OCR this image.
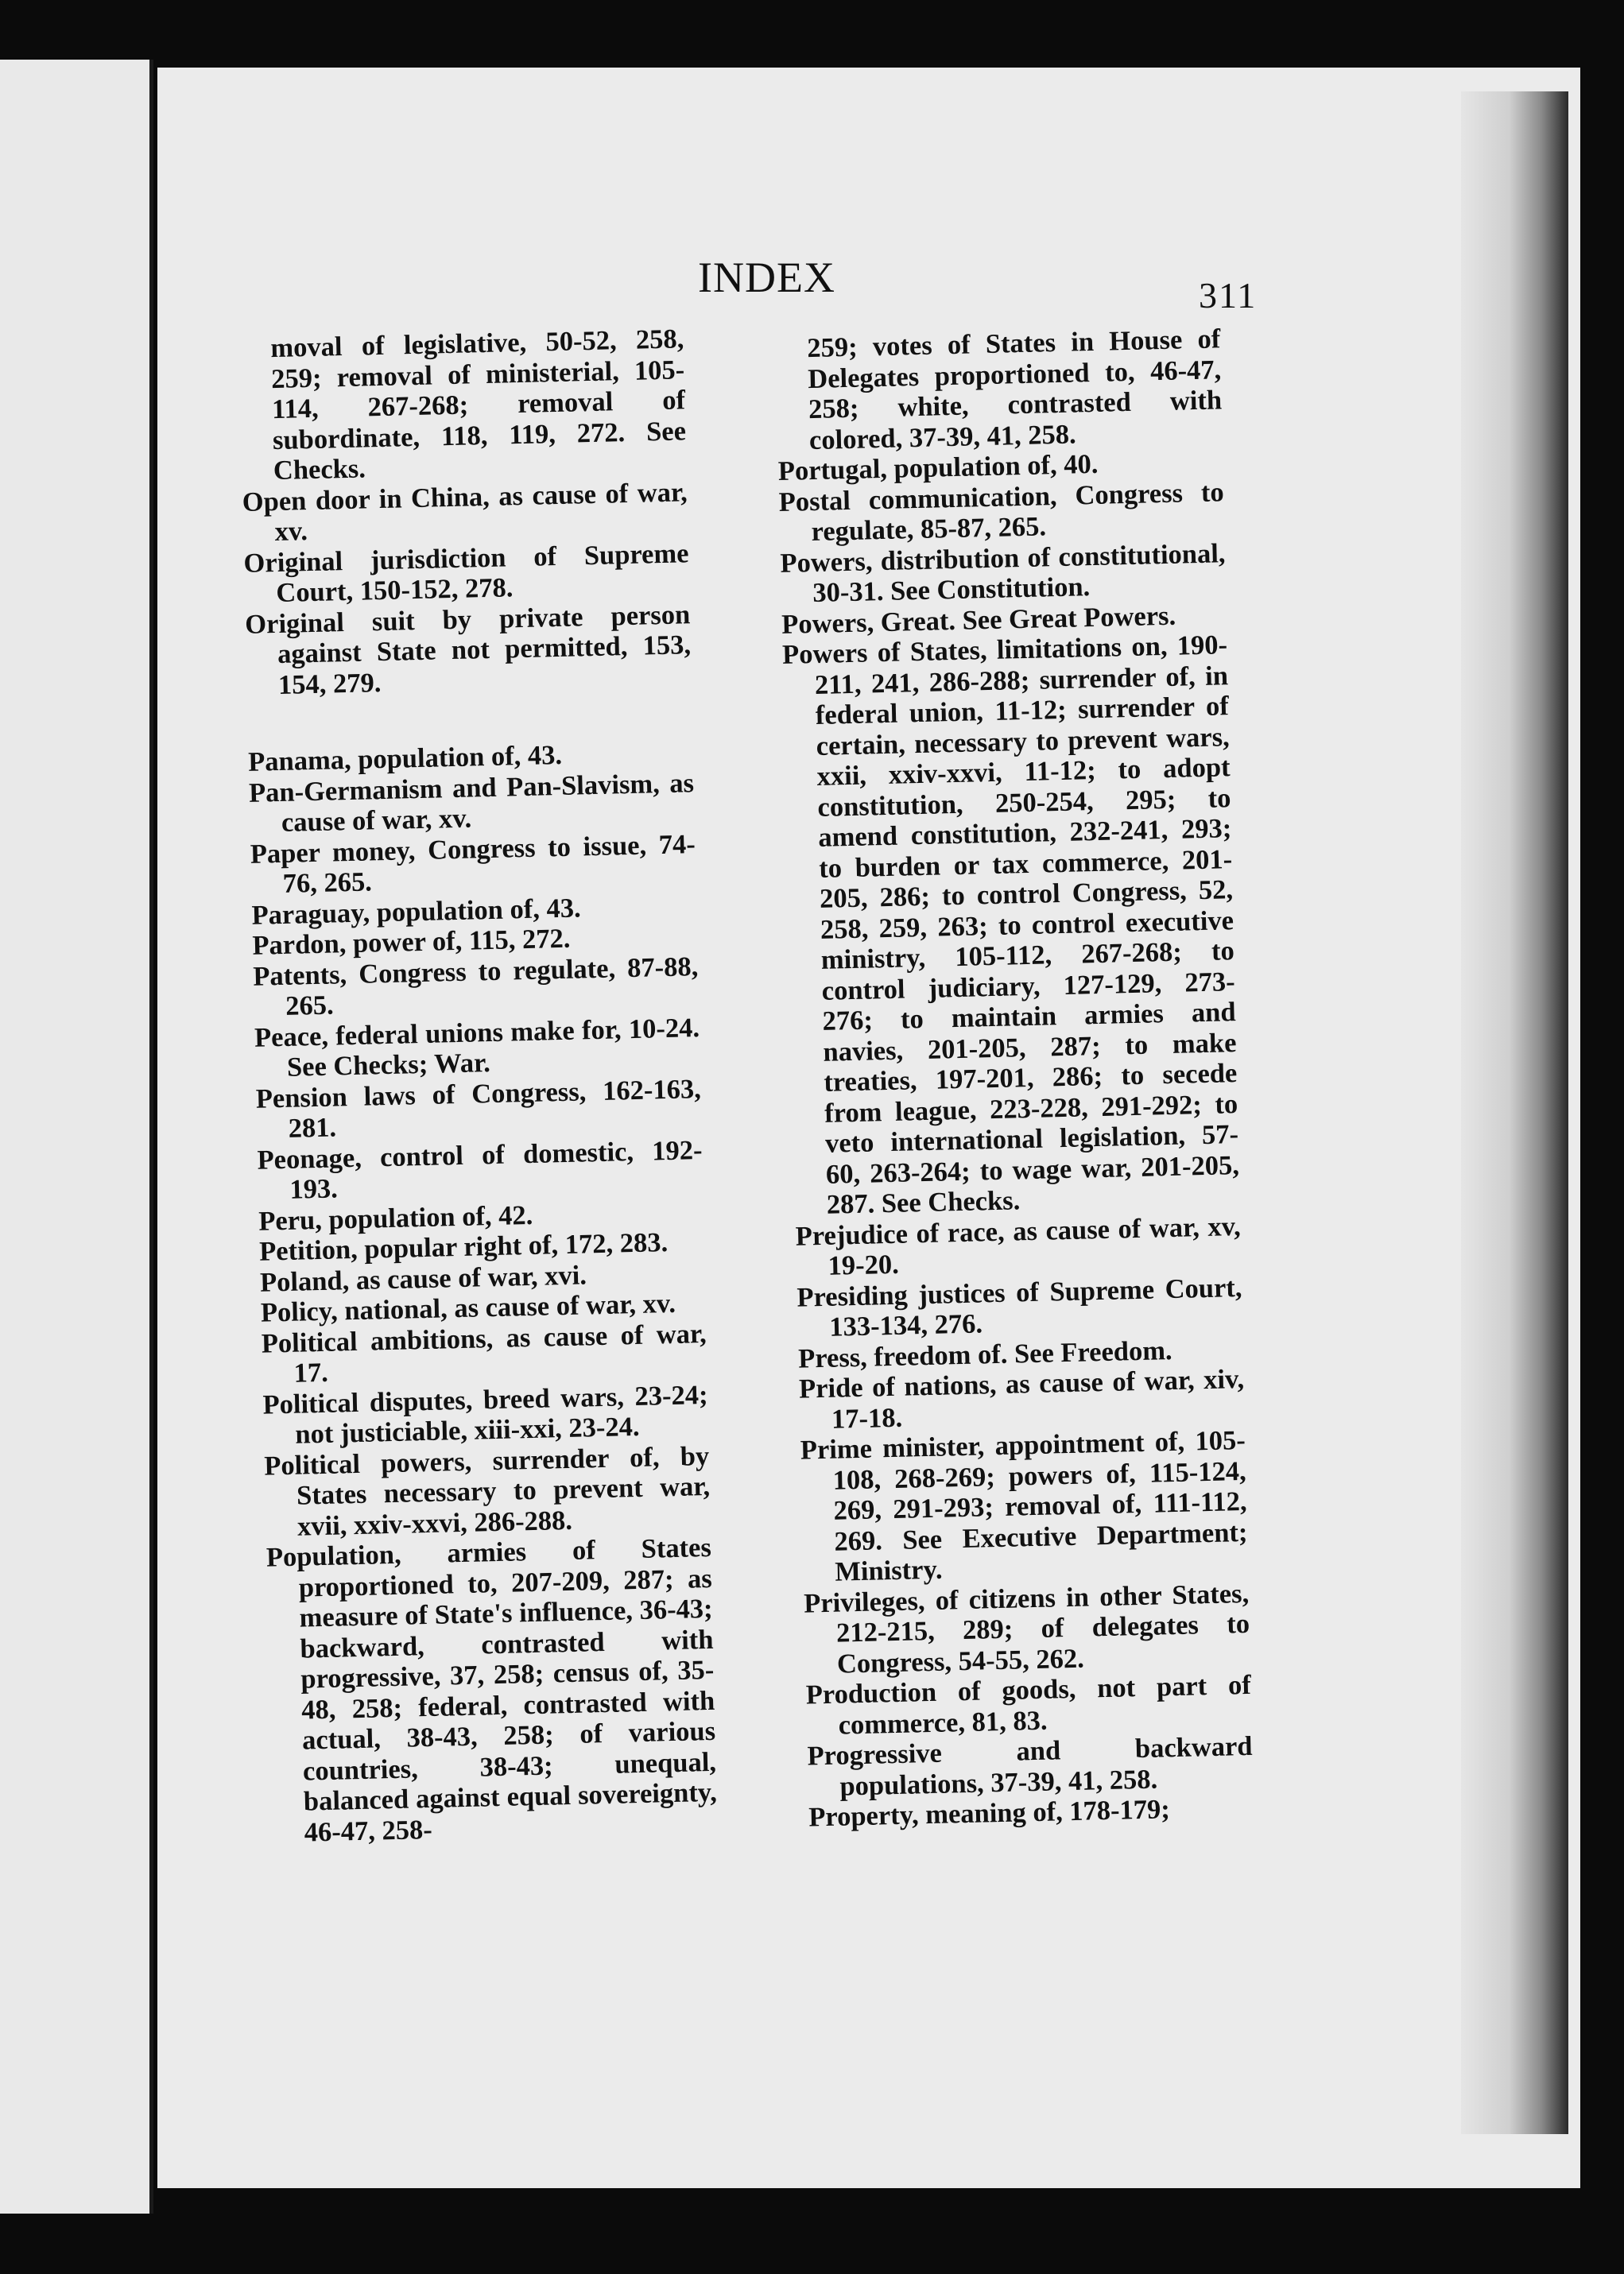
INDEX	311

moval of legislative, 50-52, 258, 259; removal of ministerial, 105-114, 267-268; removal of subordinate, 118, 119, 272. See Checks.

Open door in China, as cause of war, xv.

Original jurisdiction of Supreme Court, 150-152, 278.

Original suit by private person against State not permitted, 153, 154, 279.

Panama, population of, 43.

Pan-Germanism and Pan-Slavism, as cause of war, xv.

Paper money, Congress to issue, 74-76, 265.

Paraguay, population of, 43.

Pardon, power of, 115, 272.

Patents, Congress to regulate, 87-88, 265.

Peace, federal unions make for, 10-24. See Checks; War.

Pension laws of Congress, 162-163, 281.

Peonage, control of domestic, 192-193.

Peru, population of, 42.

Petition, popular right of, 172, 283.

Poland, as cause of war, xvi.

Policy, national, as cause of war, xv.

Political ambitions, as cause of war, 17.

Political disputes, breed wars, 23-24; not justiciable, xiii-xxi, 23-24.

Political powers, surrender of, by States necessary to prevent war, xvii, xxiv-xxvi, 286-288.

Population, armies of States proportioned to, 207-209, 287; as measure of State's influence, 36-43; backward, contrasted with progressive, 37, 258; census of, 35-48, 258; federal, contrasted with actual, 38-43, 258; of various countries, 38-43; unequal, balanced against equal sovereignty, 46-47, 258-

259; votes of States in House of Delegates proportioned to, 46-47, 258; white, contrasted with colored, 37-39, 41, 258.

Portugal, population of, 40.

Postal communication, Congress to regulate, 85-87, 265.

Powers, distribution of constitutional, 30-31. See Constitution.

Powers, Great. See Great Powers.

Powers of States, limitations on, 190-211, 241, 286-288; surrender of, in federal union, 11-12; surrender of certain, necessary to prevent wars, xxii, xxiv-xxvi, 11-12; to adopt constitution, 250-254, 295; to amend constitution, 232-241, 293; to burden or tax commerce, 201-205, 286; to control Congress, 52, 258, 259, 263; to control executive ministry, 105-112, 267-268; to control judiciary, 127-129, 273-276; to maintain armies and navies, 201-205, 287; to make treaties, 197-201, 286; to secede from league, 223-228, 291-292; to veto international legislation, 57-60, 263-264; to wage war, 201-205, 287. See Checks.

Prejudice of race, as cause of war, xv, 19-20.

Presiding justices of Supreme Court, 133-134, 276.

Press, freedom of. See Freedom.

Pride of nations, as cause of war, xiv, 17-18.

Prime minister, appointment of, 105-108, 268-269; powers of, 115-124, 269, 291-293; removal of, 111-112, 269. See Executive Department; Ministry.

Privileges, of citizens in other States, 212-215, 289; of delegates to Congress, 54-55, 262.

Production of goods, not part of commerce, 81, 83.

Progressive and backward populations, 37-39, 41, 258.

Property, meaning of, 178-179;
